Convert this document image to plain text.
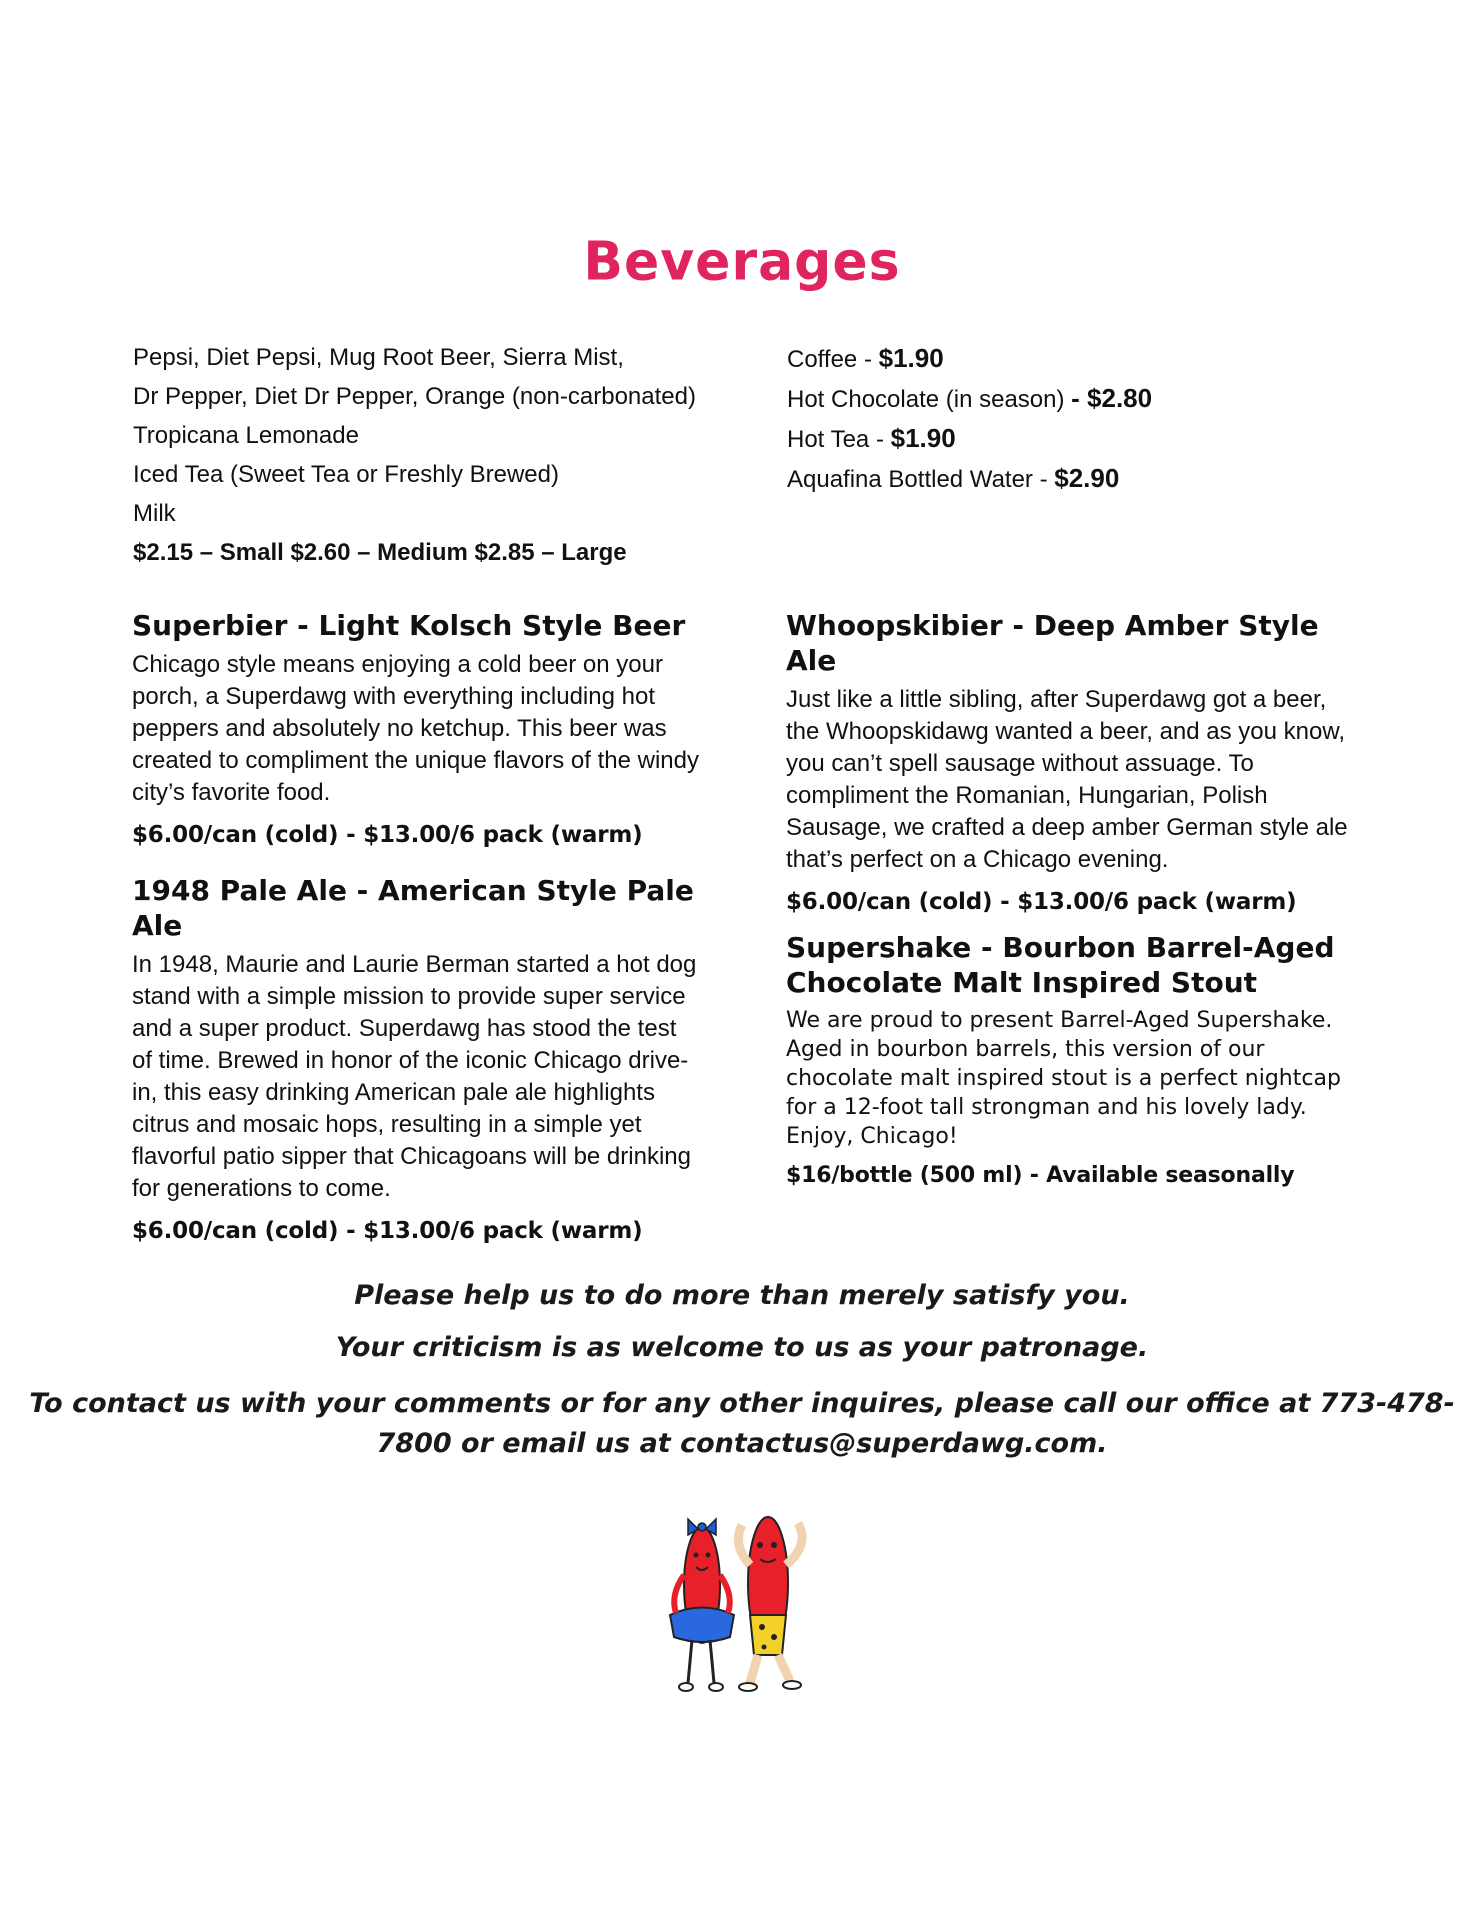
Beverages
Pepsi, Diet Pepsi, Mug Root Beer, Sierra Mist,
Dr Pepper, Diet Dr Pepper, Orange (non-carbonated)
Tropicana Lemonade
Iced Tea (Sweet Tea or Freshly Brewed)
Milk
$2.15 – Small $2.60 – Medium $2.85 – Large
Coffee - $1.90
Hot Chocolate (in season) - $2.80
Hot Tea - $1.90
Aquafina Bottled Water - $2.90
Superbier - Light Kolsch Style Beer

Chicago style means enjoying a cold beer on your porch, a Superdawg with everything including hot peppers and absolutely no ketchup. This beer was created to compliment the unique flavors of the windy city’s favorite food.

$6.00/can (cold) - $13.00/6 pack (warm)

1948 Pale Ale - American Style Pale Ale

In 1948, Maurie and Laurie Berman started a hot dog stand with a simple mission to provide super service and a super product. Superdawg has stood the test of time. Brewed in honor of the iconic Chicago drive-in, this easy drinking American pale ale highlights citrus and mosaic hops, resulting in a simple yet flavorful patio sipper that Chicagoans will be drinking for generations to come.

$6.00/can (cold) - $13.00/6 pack (warm)

Whoopskibier - Deep Amber Style Ale

Just like a little sibling, after Superdawg got a beer, the Whoopskidawg wanted a beer, and as you know, you can’t spell sausage without assuage. To compliment the Romanian, Hungarian, Polish Sausage, we crafted a deep amber German style ale that’s perfect on a Chicago evening.

$6.00/can (cold) - $13.00/6 pack (warm)

Supershake - Bourbon Barrel-Aged Chocolate Malt Inspired Stout

We are proud to present Barrel-Aged Supershake. Aged in bourbon barrels, this version of our chocolate malt inspired stout is a perfect nightcap for a 12-foot tall strongman and his lovely lady. Enjoy, Chicago!

$16/bottle (500 ml) - Available seasonally

Please help us to do more than merely satisfy you.
Your criticism is as welcome to us as your patronage.
To contact us with your comments or for any other inquires, please call our office at 773-478-7800 or email us at contactus@superdawg.com.
